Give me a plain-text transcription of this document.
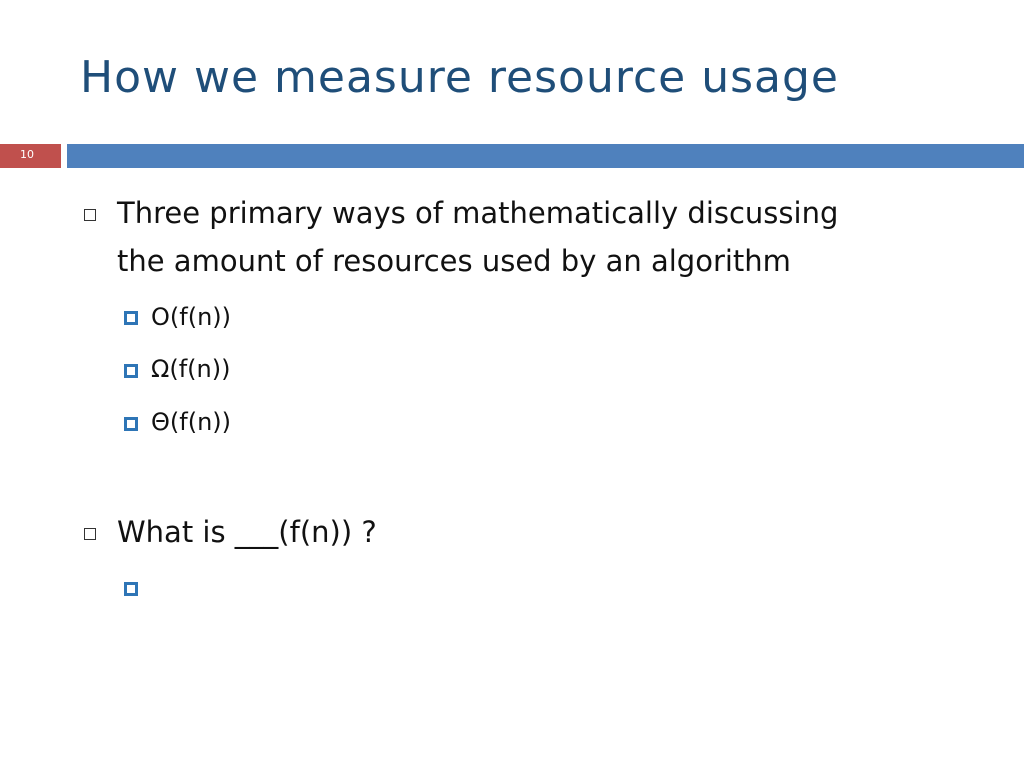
How we measure resource usage
10
Three primary ways of mathematically discussing
the amount of resources used by an algorithm
O(f(n))
Ω(f(n))
Θ(f(n))
What is ___(f(n)) ?
